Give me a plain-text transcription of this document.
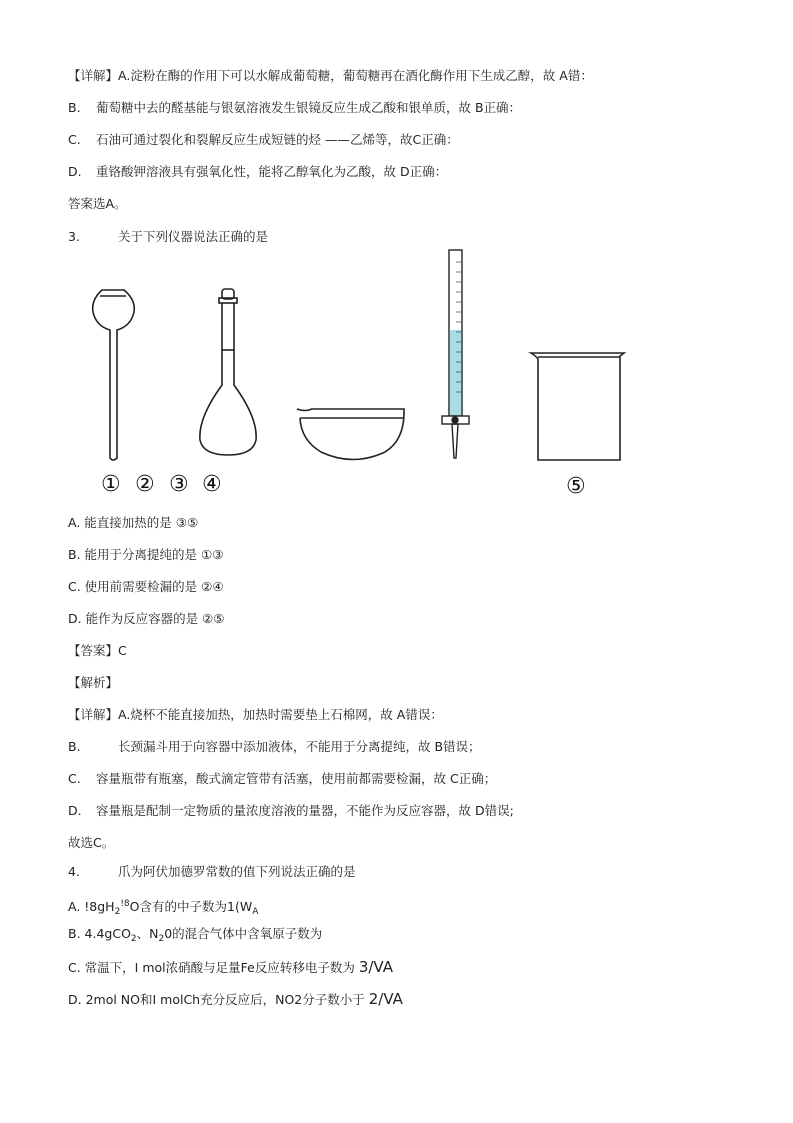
【详解】A.淀粉在酶的作用下可以水解成葡萄糖，葡萄糖再在酒化酶作用下生成乙醇，故 A错：
B. 葡萄糖中去的醛基能与银氨溶液发生银镜反应生成乙酸和银单质，故 B正确：
C. 石油可通过裂化和裂解反应生成短链的烃 ——乙烯等，故C正确：
D. 重铬酸钾溶液具有强氧化性，能将乙醇氧化为乙酸，故 D正确：
答案选A。
3.	关于下列仪器说法正确的是
① ② ③ ④	⑤
A. 能直接加热的是 ③⑤
B. 能用于分离提纯的是 ①③
C. 使用前需要检漏的是 ②④
D. 能作为反应容器的是 ②⑤
【答案】C
【解析】
【详解】A.烧杯不能直接加热，加热时需要垫上石棉网，故 A错误：
B.	长颈漏斗用于向容器中添加液体，不能用于分离提纯，故 B错误；
C. 容量瓶带有瓶塞，酸式滴定管带有活塞，使用前都需要检漏，故 C正确；
D. 容量瓶是配制一定物质的量浓度溶液的量器，不能作为反应容器，故 D错误;
故选C。
4.	爪为阿伏加德罗常数的值下列说法正确的是
A. $!8gH_2^{!8}O$含有的中子数为$1(W_A$
B. 4.4gCO$_2$、$N_20$的混合气体中含氧原子数为
C. 常温下，I mol浓硝酸与足量Fe反应转移电子数为 3/VA
D. 2mol NO和I molCh充分反应后，NO2分子数小于 2/VA
